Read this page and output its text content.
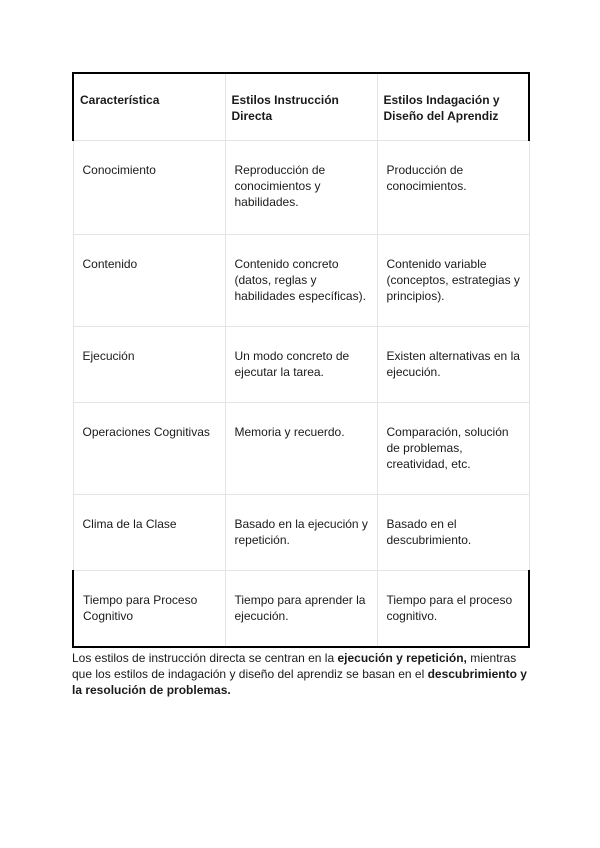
Característica	Estilos Instrucción Directa	Estilos Indagación y Diseño del Aprendiz

Conocimiento	Reproducción de conocimientos y habilidades.	Producción de conocimientos.

Contenido	Contenido concreto (datos, reglas y habilidades específicas).	Contenido variable (conceptos, estrategias y principios).

Ejecución	Un modo concreto de ejecutar la tarea.	Existen alternativas en la ejecución.

Operaciones Cognitivas	Memoria y recuerdo.	Comparación, solución de problemas, creatividad, etc.

Clima de la Clase	Basado en la ejecución y repetición.	Basado en el descubrimiento.

Tiempo para Proceso Cognitivo	Tiempo para aprender la ejecución.	Tiempo para el proceso cognitivo.

Los estilos de instrucción directa se centran en la ejecución y repetición, mientras que los estilos de indagación y diseño del aprendiz se basan en el descubrimiento y la resolución de problemas.
